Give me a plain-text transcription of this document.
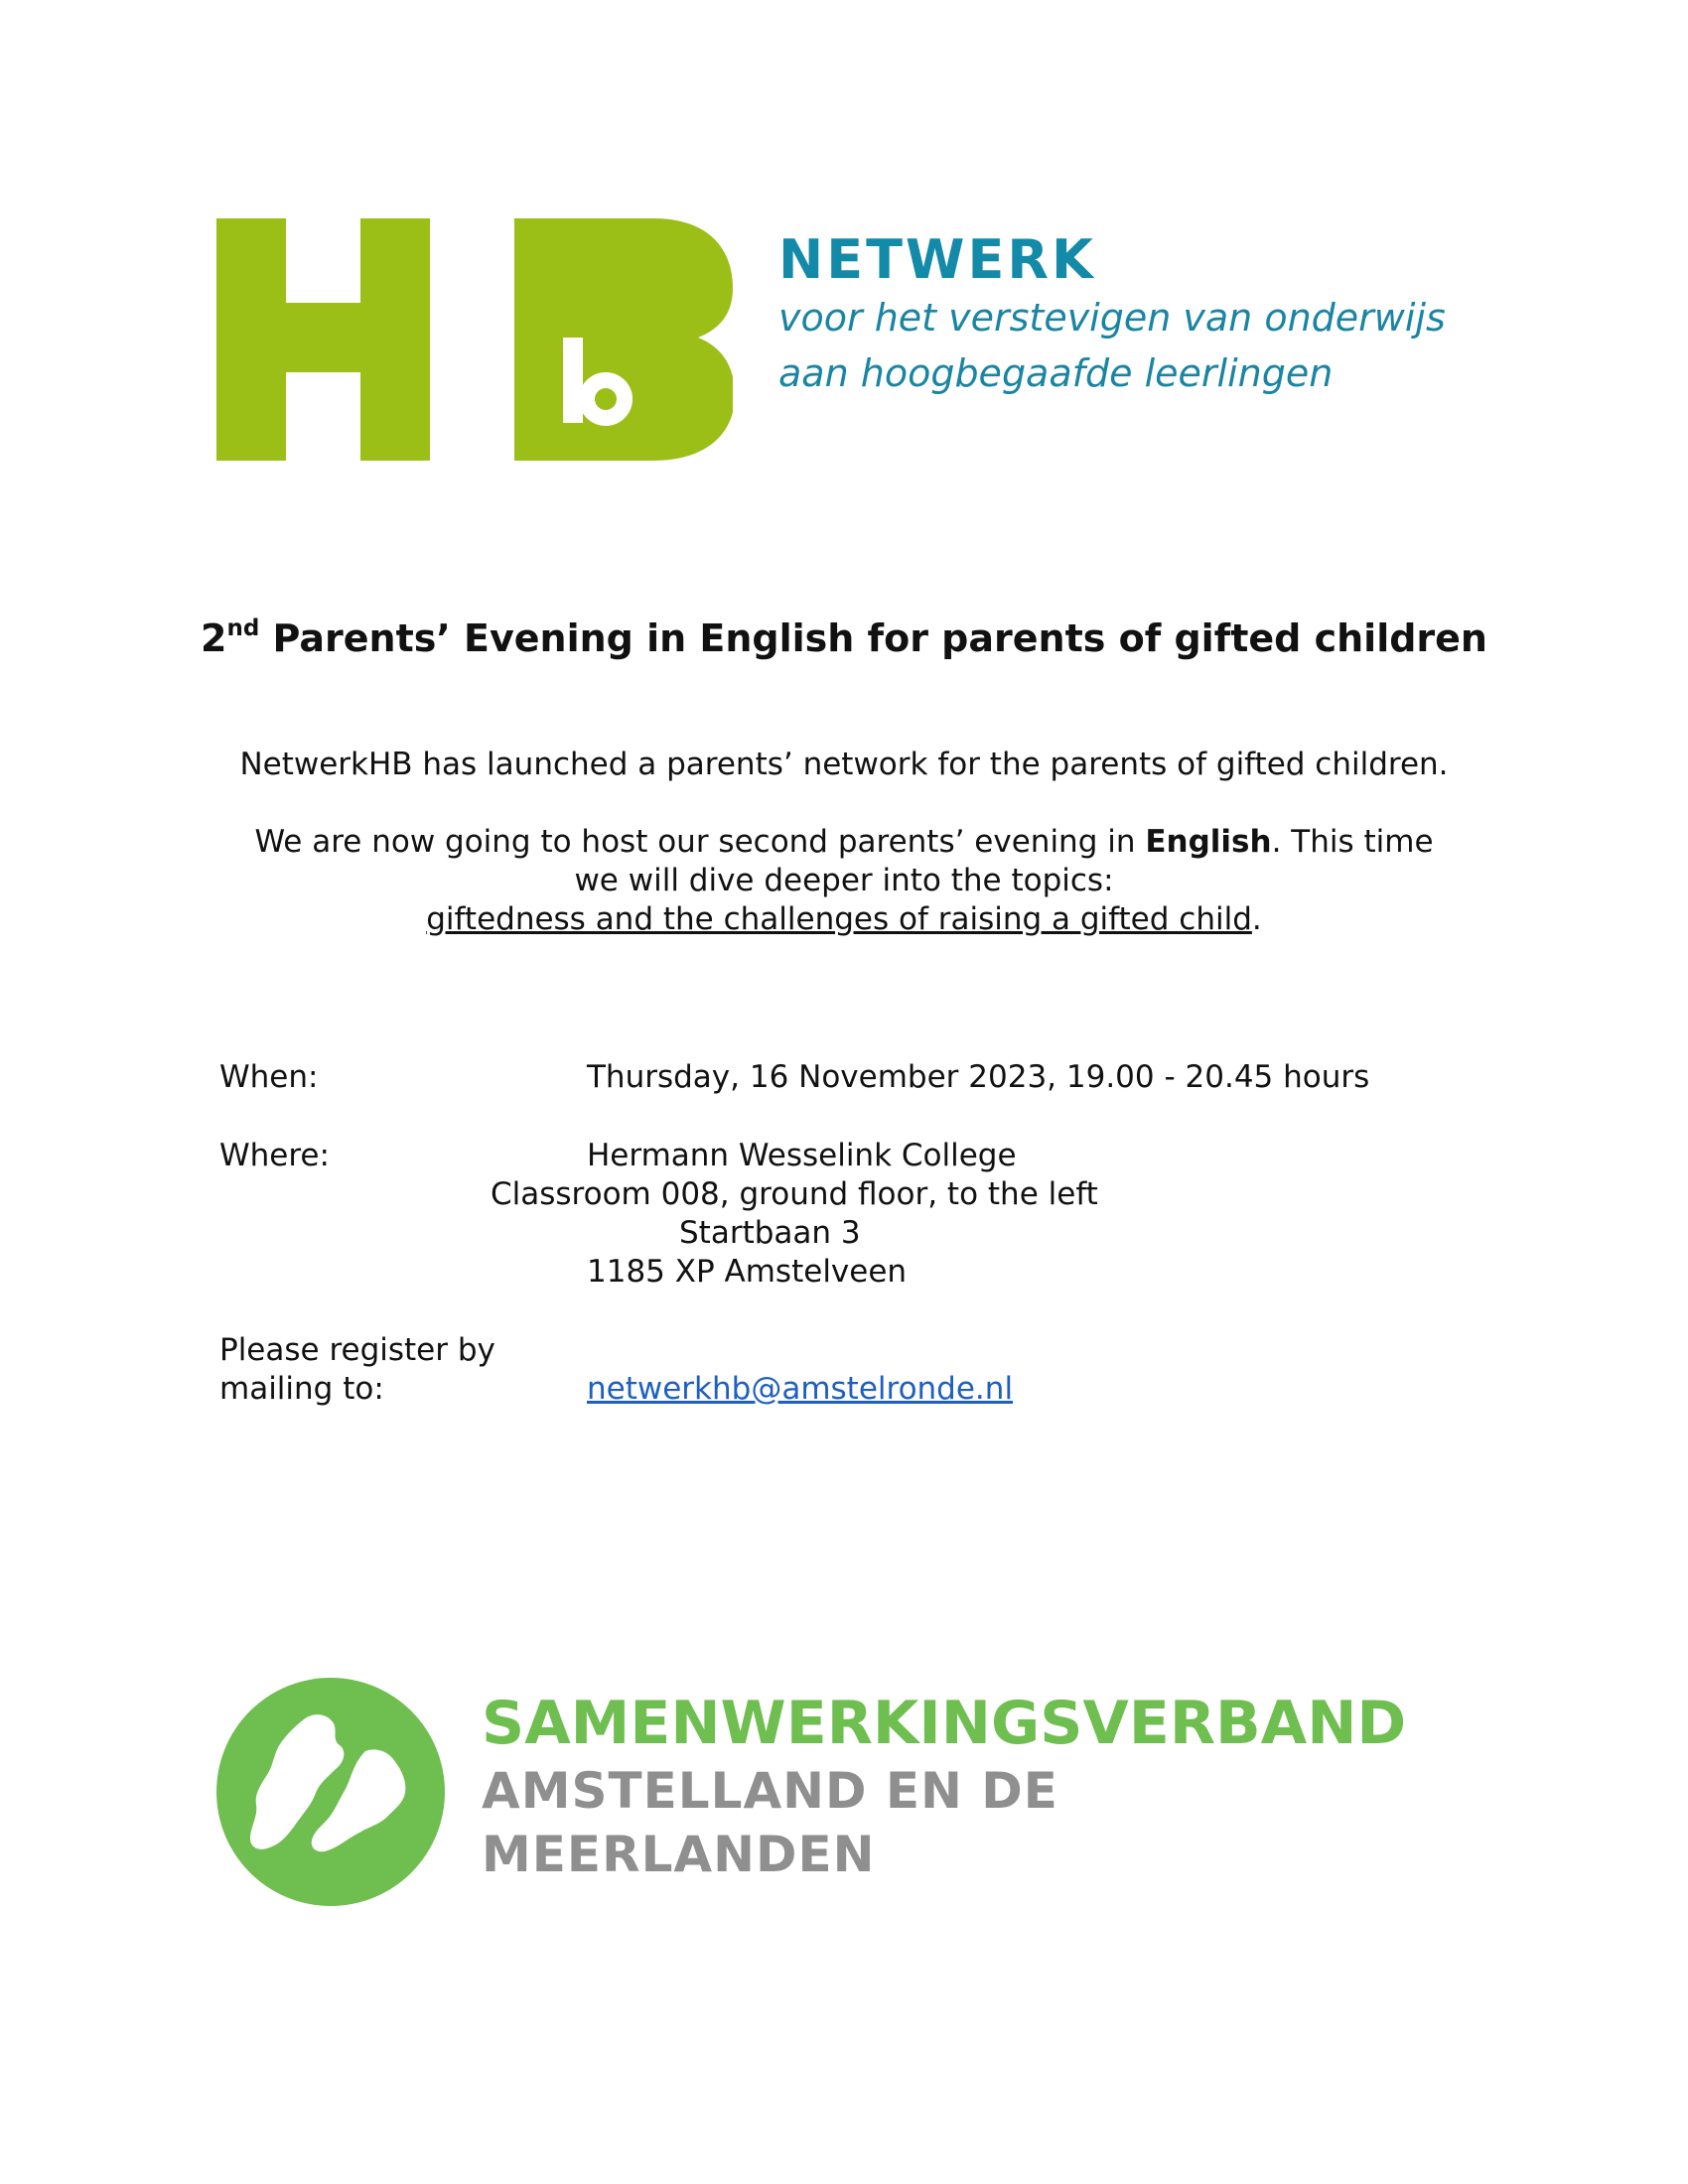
NETWERK
voor het verstevigen van onderwijs
aan hoogbegaafde leerlingen
2nd Parents’ Evening in English for parents of gifted children
NetwerkHB has launched a parents’ network for the parents of gifted children.
We are now going to host our second parents’ evening in English. This time
we will dive deeper into the topics:
giftedness and the challenges of raising a gifted child.
When:	Thursday, 16 November 2023, 19.00 - 20.45 hours
Where:	Hermann Wesselink College
Classroom 008, ground floor, to the left
Startbaan 3
1185 XP Amstelveen
Please register by
mailing to:	netwerkhb@amstelronde.nl
SAMENWERKINGSVERBAND
AMSTELLAND EN DE
MEERLANDEN
